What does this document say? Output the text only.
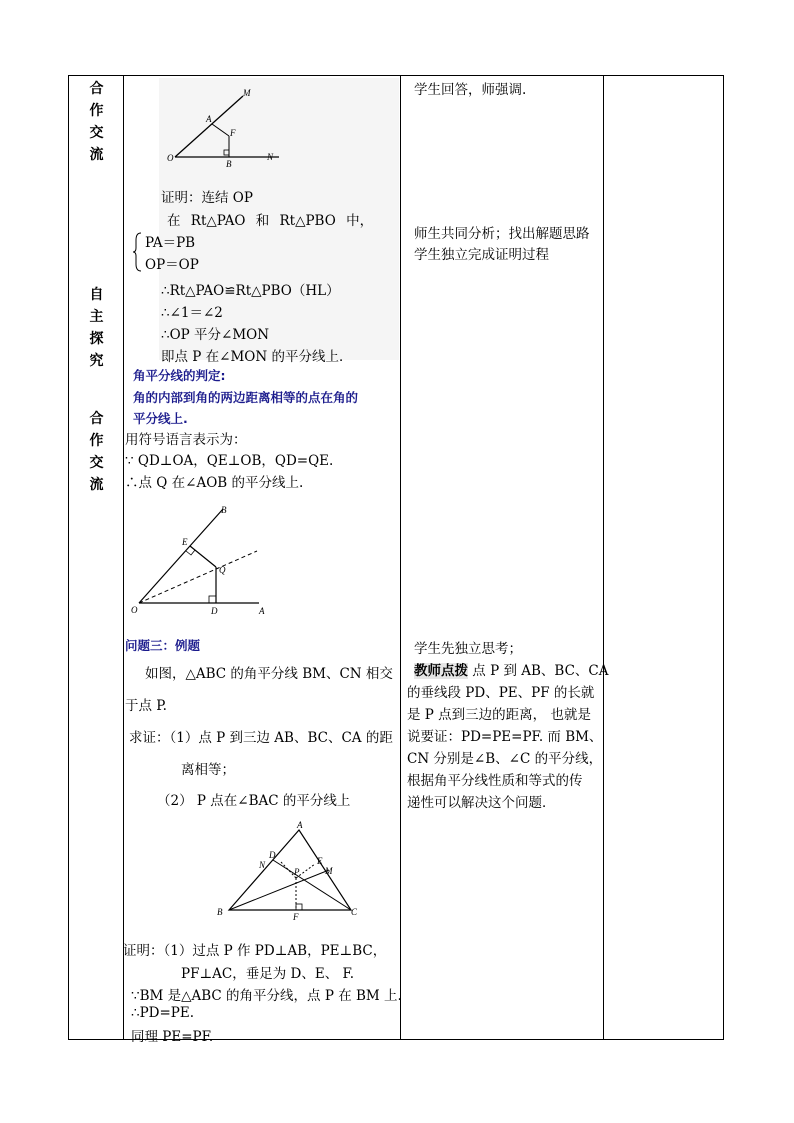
合作交流
自主探究
合作交流
M
A
F
O
B
N
证明：连结 OP
在 Rt△PAO 和 Rt△PBO 中，
PA＝PB
OP＝OP
∴Rt△PAO≌Rt△PBO（HL）
∴∠1＝∠2
∴OP 平分∠MON
即点 P 在∠MON 的平分线上．
角平分线的判定:
角的内部到角的两边距离相等的点在角的
平分线上.
用符号语言表示为：
∵ QD⊥OA，QE⊥OB，QD=QE.
∴点 Q 在∠AOB 的平分线上.
B
E
Q
O	D	A
问题三：例题
如图，△ABC 的角平分线 BM、CN 相交
于点 P.
求证：（1）点 P 到三边 AB、BC、CA 的距
离相等；
（2） P 点在∠BAC 的平分线上
A
D
N	E
M
P
B	F	C
证明：（1）过点 P 作 PD⊥AB，PE⊥BC，
PF⊥AC，垂足为 D、E、 F.
∵BM 是△ABC 的角平分线，点 P 在 BM 上.
∴PD=PE.
同理 PE=PF.
学生回答，师强调.
师生共同分析；找出解题思路
学生独立完成证明过程
学生先独立思考；
教师点拨 点 P 到 AB、BC、CA
的垂线段 PD、PE、PF 的长就
是 P 点到三边的距离， 也就是
说要证：PD=PE=PF. 而 BM、
CN 分别是∠B、∠C 的平分线，
根据角平分线性质和等式的传
递性可以解决这个问题．
